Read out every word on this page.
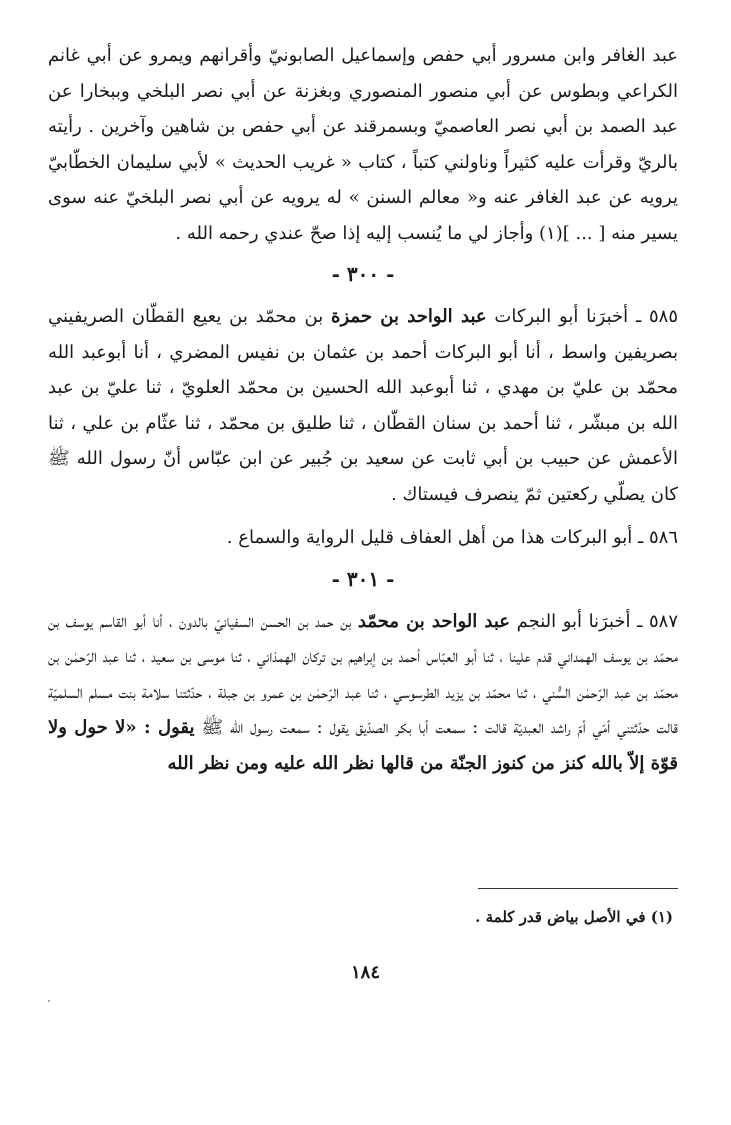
عبد الغافر وابن مسرور أبي حفص وإسماعيل الصابونيّ وأقرانهم ويمرو عن أبي غانم الكراعي وبطوس عن أبي منصور المنصوري وبغزنة عن أبي نصر البلخي وببخارا عن عبد الصمد بن أبي نصر العاصميّ وبسمرقند عن أبي حفص بن شاهين وآخرين . رأيته بالريّ وقرأت عليه كثيراً وناولني كتباً ، كتاب « غريب الحديث » لأبي سليمان الخطّابيّ يرويه عن عبد الغافر عنه و« معالم السنن » له يرويه عن أبي نصر البلخيّ عنه سوى يسير منه [ ... ](١) وأجاز لي ما يُنسب إليه إذا صحّ عندي رحمه الله .

- ٣٠٠ -

٥٨٥ ـ أخبرَنا أبو البركات عبد الواحد بن حمزة بن محمّد بن يعيع القطّان الصريفيني بصريفين واسط ، أنا أبو البركات أحمد بن عثمان بن نفيس المضري ، أنا أبوعبد الله محمّد بن عليّ بن مهدي ، ثنا أبوعبد الله الحسين بن محمّد العلويّ ، ثنا عليّ بن عبد الله بن مبشّر ، ثنا أحمد بن سنان القطّان ، ثنا طليق بن محمّد ، ثنا عثّام بن علي ، ثنا الأعمش عن حبيب بن أبي ثابت عن سعيد بن جُبير عن ابن عبّاس أنّ رسول الله ﷺ كان يصلّي ركعتين ثمّ ينصرف فيستاك .

٥٨٦ ـ أبو البركات هذا من أهل العفاف قليل الرواية والسماع .

- ٣٠١ -

٥٨٧ ـ أخبرَنا أبو النجم عبد الواحد بن محمّد بن حمد بن الحسن السفيانيّ بالدون ، أنا أبو القاسم يوسف بن محمّد بن يوسف الهمداني قدم علينا ، ثنا أبو العبّاس أحمد بن إبراهيم بن تركان الهمذاني ، ثنا موسى بن سعيد ، ثنا عبد الرّحمٰن بن محمّد بن عبد الرّحمٰن السُّني ، ثنا محمّد بن يزيد الطرسوسي ، ثنا عبد الرّحمٰن بن عمرو بن جبلة ، حدّثتنا سلامة بنت مسلم السلميّة قالت حدّثتني أمّي أمّ راشد العبديّة قالت : سمعت أبا بكر الصدّيق يقول : سمعت رسول الله ﷺ يقول : «لا حول ولا قوّة إلاّ بالله كنز من كنوز الجنّة من قالها نظر الله عليه ومن نظر الله

(١) في الأصل بياض قدر كلمة .
١٨٤
